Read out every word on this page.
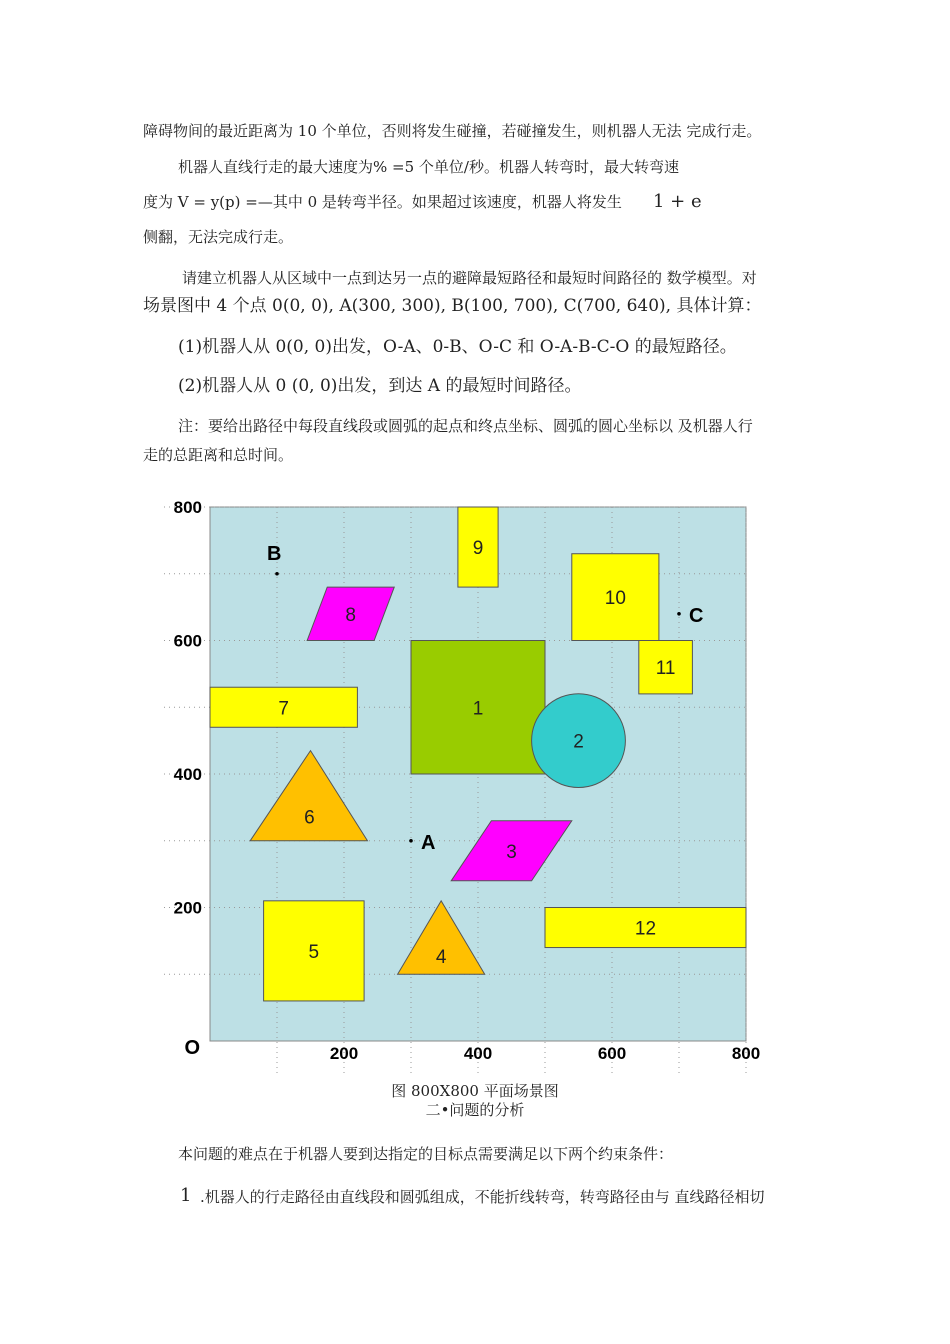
障碍物间的最近距离为 10 个单位，否则将发生碰撞，若碰撞发生，则机器人无法 完成行走。
机器人直线行走的最大速度为% =5 个单位/秒。机器人转弯时，最大转弯速
度为 V = y(p) =—其中 0 是转弯半径。如果超过该速度，机器人将发生 1 + e
侧翻，无法完成行走。
请建立机器人从区域中一点到达另一点的避障最短路径和最短时间路径的 数学模型。对
场景图中 4 个点 0(0, 0), A(300, 300), B(100, 700), C(700, 640), 具体计算：
(1)机器人从 0(0, 0)出发，O-A、0-B、O-C 和 O-A-B-C-O 的最短路径。
(2)机器人从 0 (0, 0)出发，到达 A 的最短时间路径。
注：要给出路径中每段直线段或圆弧的起点和终点坐标、圆弧的圆心坐标以 及机器人行
走的总距离和总时间。
1
2
3
4
5
6
7
8
9
10
11
12
B
A
C
200
400
600
800
200	400	600	800
O
图 800X800 平面场景图
二•问题的分析
本问题的难点在于机器人要到达指定的目标点需要满足以下两个约束条件：
1 .机器人的行走路径由直线段和圆弧组成，不能折线转弯，转弯路径由与 直线路径相切
